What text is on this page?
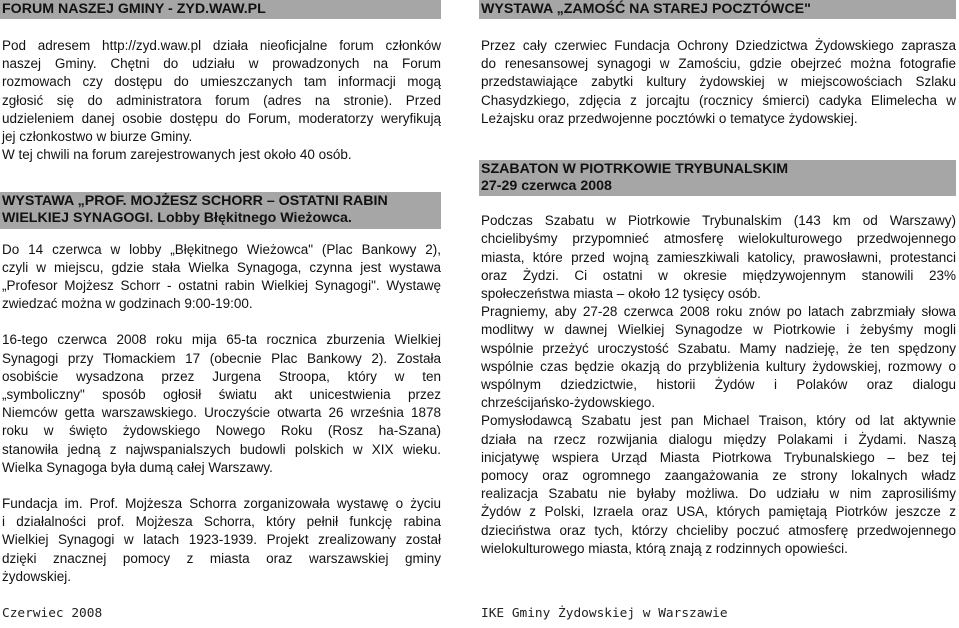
FORUM NASZEJ GMINY - ZYD.WAW.PL

Pod adresem http://zyd.waw.pl działa nieoficjalne forum członków
naszej Gminy. Chętni do udziału w prowadzonych na Forum
rozmowach czy dostępu do umieszczanych tam informacji mogą
zgłosić się do administratora forum (adres na stronie). Przed
udzieleniem danej osobie dostępu do Forum, moderatorzy weryfikują
jej członkostwo w biurze Gminy.
W tej chwili na forum zarejestrowanych jest około 40 osób.

WYSTAWA „PROF. MOJŻESZ SCHORR – OSTATNI RABIN
WIELKIEJ SYNAGOGI. Lobby Błękitnego Wieżowca.

Do 14 czerwca w lobby „Błękitnego Wieżowca" (Plac Bankowy 2),
czyli w miejscu, gdzie stała Wielka Synagoga, czynna jest wystawa
„Profesor Mojżesz Schorr - ostatni rabin Wielkiej Synagogi". Wystawę
zwiedzać można w godzinach 9:00-19:00.

16-tego czerwca 2008 roku mija 65-ta rocznica zburzenia Wielkiej
Synagogi przy Tłomackiem 17 (obecnie Plac Bankowy 2). Została
osobiście wysadzona przez Jurgena Stroopa, który w ten
„symboliczny" sposób ogłosił światu akt unicestwienia przez
Niemców getta warszawskiego. Uroczyście otwarta 26 września 1878
roku w święto żydowskiego Nowego Roku (Rosz ha-Szana)
stanowiła jedną z najwspanialszych budowli polskich w XIX wieku.
Wielka Synagoga była dumą całej Warszawy.

Fundacja im. Prof. Mojżesza Schorra zorganizowała wystawę o życiu
i działalności prof. Mojżesza Schorra, który pełnił funkcję rabina
Wielkiej Synagogi w latach 1923-1939. Projekt zrealizowany został
dzięki znacznej pomocy z miasta oraz warszawskiej gminy
żydowskiej.

Czerwiec 2008
WYSTAWA „ZAMOŚĆ NA STAREJ POCZTÓWCE"

Przez cały czerwiec Fundacja Ochrony Dziedzictwa Żydowskiego zaprasza
do renesansowej synagogi w Zamościu, gdzie obejrzeć można fotografie
przedstawiające zabytki kultury żydowskiej w miejscowościach Szlaku
Chasydzkiego, zdjęcia z jorcajtu (rocznicy śmierci) cadyka Elimelecha w
Leżajsku oraz przedwojenne pocztówki o tematyce żydowskiej.

SZABATON W PIOTRKOWIE TRYBUNALSKIM
27-29 czerwca 2008

Podczas Szabatu w Piotrkowie Trybunalskim (143 km od Warszawy)
chcielibyśmy przypomnieć atmosferę wielokulturowego przedwojennego
miasta, które przed wojną zamieszkiwali katolicy, prawosławni, protestanci
oraz Żydzi. Ci ostatni w okresie międzywojennym stanowili 23%
społeczeństwa miasta – około 12 tysięcy osób.

Pragniemy, aby 27-28 czerwca 2008 roku znów po latach zabrzmiały słowa
modlitwy w dawnej Wielkiej Synagodze w Piotrkowie i żebyśmy mogli
wspólnie przeżyć uroczystość Szabatu. Mamy nadzieję, że ten spędzony
wspólnie czas będzie okazją do przybliżenia kultury żydowskiej, rozmowy o
wspólnym dziedzictwie, historii Żydów i Polaków oraz dialogu
chrześcijańsko-żydowskiego.

Pomysłodawcą Szabatu jest pan Michael Traison, który od lat aktywnie
działa na rzecz rozwijania dialogu między Polakami i Żydami. Naszą
inicjatywę wspiera Urząd Miasta Piotrkowa Trybunalskiego – bez tej
pomocy oraz ogromnego zaangażowania ze strony lokalnych władz
realizacja Szabatu nie byłaby możliwa. Do udziału w nim zaprosiliśmy
Żydów z Polski, Izraela oraz USA, których pamiętają Piotrków jeszcze z
dzieciństwa oraz tych, którzy chcieliby poczuć atmosferę przedwojennego
wielokulturowego miasta, którą znają z rodzinnych opowieści.

IKE Gminy Żydowskiej w Warszawie
